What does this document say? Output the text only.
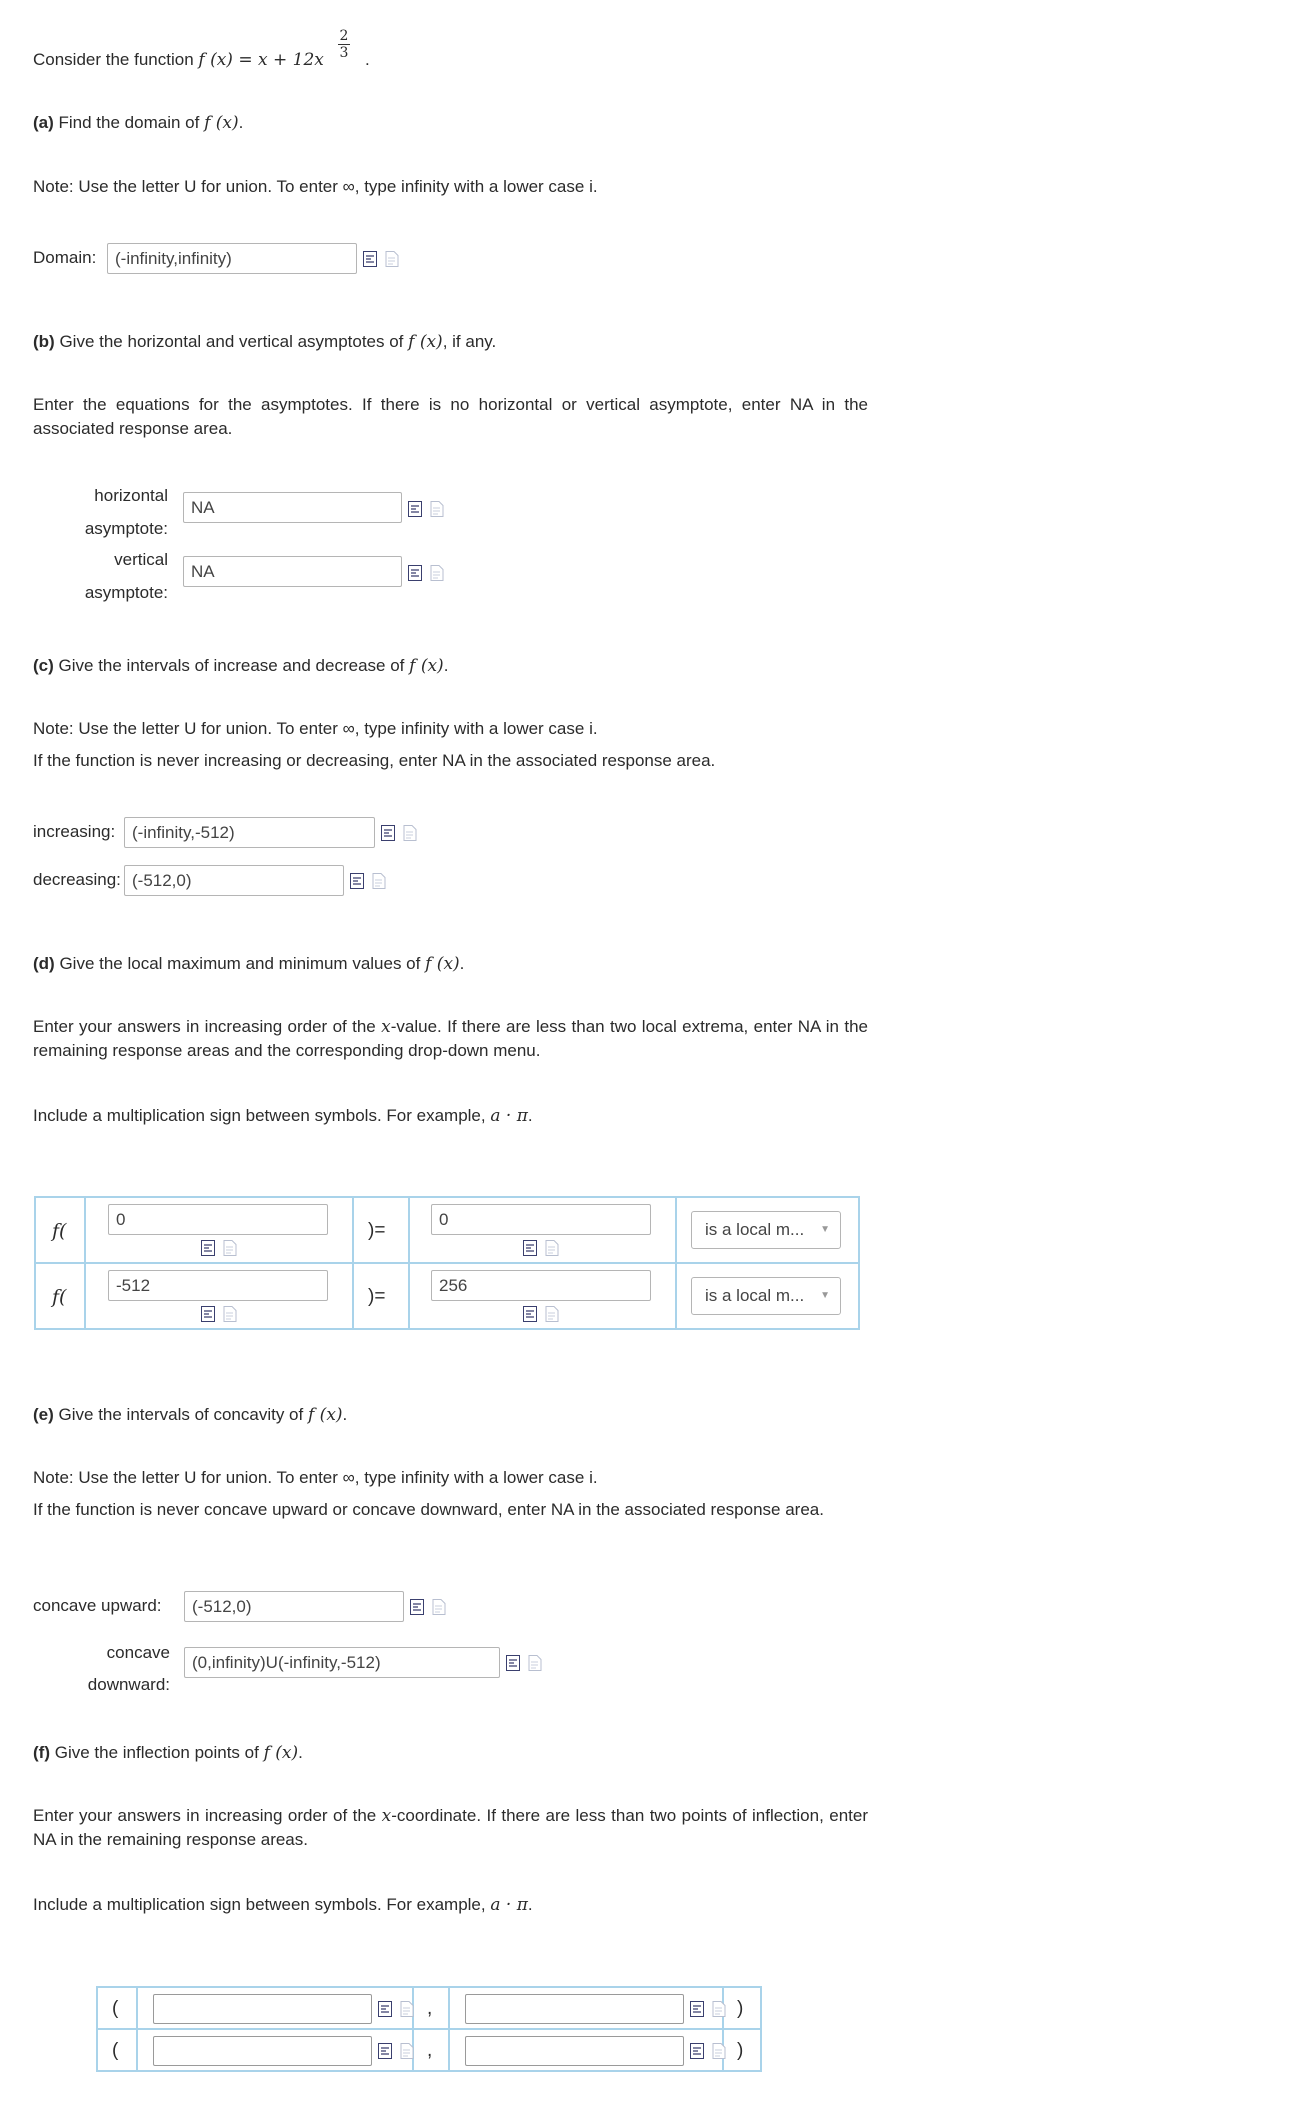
Consider the function f $(x) = x + 12x \frac{2}{3}$ .
(a) Find the domain of f (x).
Note: Use the letter U for union. To enter ∞, type infinity with a lower case i.
Domain:	(-infinity,infinity)
(b) Give the horizontal and vertical asymptotes of f (x), if any.
Enter the equations for the asymptotes. If there is no horizontal or vertical asymptote, enter NA in the associated response area.
horizontal
asymptote:
NA
vertical
asymptote:
NA
(c) Give the intervals of increase and decrease of f (x).
Note: Use the letter U for union. To enter ∞, type infinity with a lower case i.
If the function is never increasing or decreasing, enter NA in the associated response area.
increasing: (-infinity,-512)
decreasing: (-512,0)
(d) Give the local maximum and minimum values of f (x).
Enter your answers in increasing order of the x-value. If there are less than two local extrema, enter NA in the remaining response areas and the corresponding drop-down menu.
Include a multiplication sign between symbols. For example, a · π.
f(	0	)=	0	is a local m... ▼

f(	-512	)=	256	is a local m... ▼
(e) Give the intervals of concavity of f (x).
Note: Use the letter U for union. To enter ∞, type infinity with a lower case i.
If the function is never concave upward or concave downward, enter NA in the associated response area.
concave upward:	(-512,0)
concave
downward:
(0,infinity)U(-infinity,-512)
(f) Give the inflection points of f (x).
Enter your answers in increasing order of the x-coordinate. If there are less than two points of inflection, enter NA in the remaining response areas.
Include a multiplication sign between symbols. For example, a · π.
(		,		)

(		,		)
